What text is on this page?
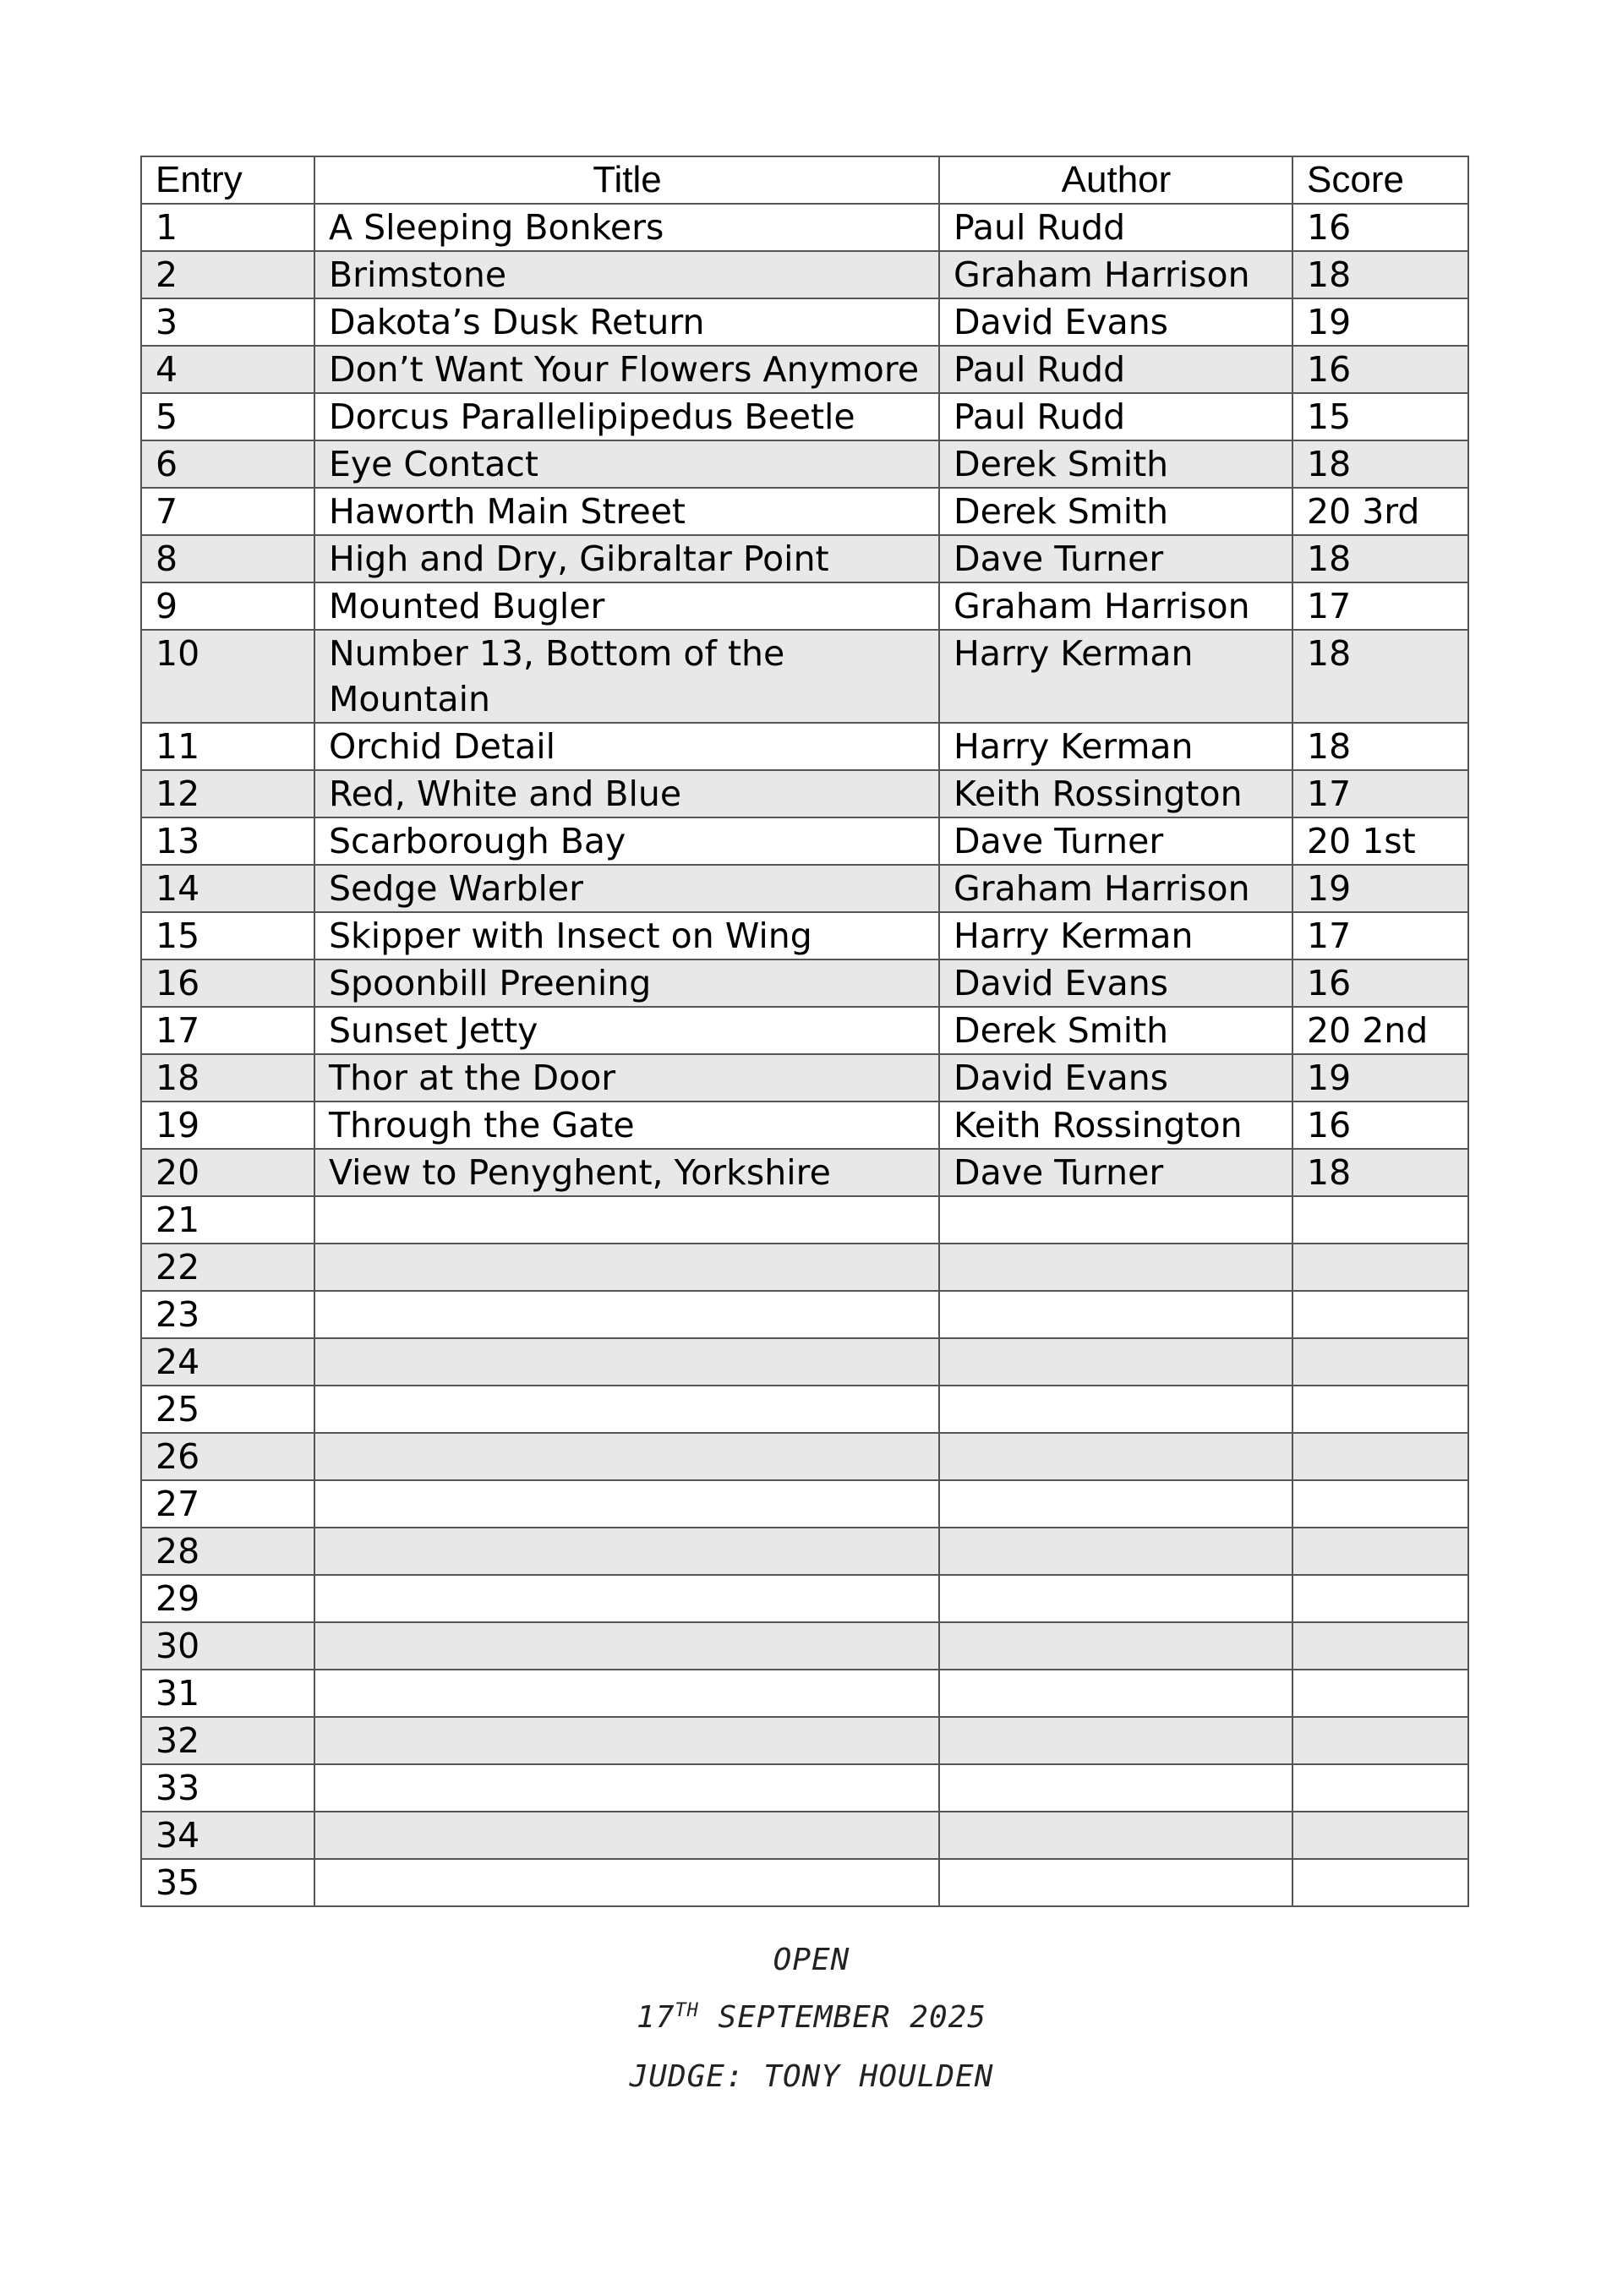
Entry	Title	Author	Score
1	A Sleeping Bonkers	Paul Rudd	16
2	Brimstone	Graham Harrison	18
3	Dakota’s Dusk Return	David Evans	19
4	Don’t Want Your Flowers Anymore	Paul Rudd	16
5	Dorcus Parallelipipedus Beetle	Paul Rudd	15
6	Eye Contact	Derek Smith	18
7	Haworth Main Street	Derek Smith	20 3rd
8	High and Dry, Gibraltar Point	Dave Turner	18
9	Mounted Bugler	Graham Harrison	17
10	Number 13, Bottom of the Mountain	Harry Kerman	18
11	Orchid Detail	Harry Kerman	18
12	Red, White and Blue	Keith Rossington	17
13	Scarborough Bay	Dave Turner	20 1st
14	Sedge Warbler	Graham Harrison	19
15	Skipper with Insect on Wing	Harry Kerman	17
16	Spoonbill Preening	David Evans	16
17	Sunset Jetty	Derek Smith	20 2nd
18	Thor at the Door	David Evans	19
19	Through the Gate	Keith Rossington	16
20	View to Penyghent, Yorkshire	Dave Turner	18
21			
22			
23			
24			
25			
26			
27			
28			
29			
30			
31			
32			
33			
34			
35			
OPEN
17TH SEPTEMBER 2025
JUDGE: TONY HOULDEN
